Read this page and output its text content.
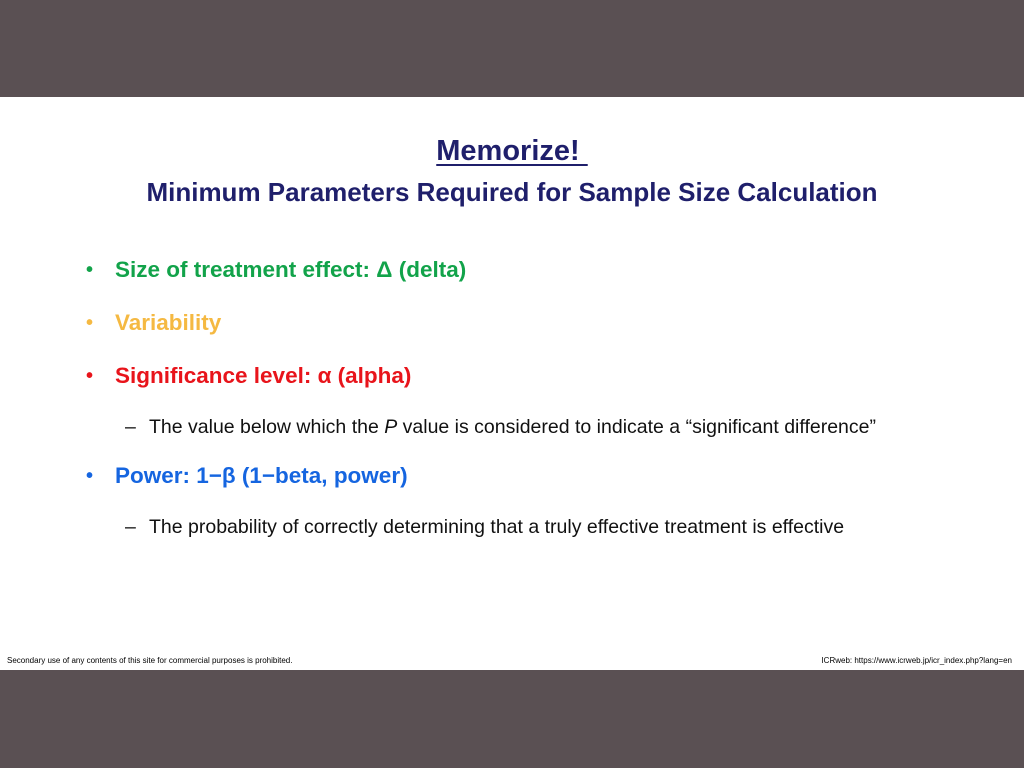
Memorize!
Minimum Parameters Required for Sample Size Calculation
• Size of treatment effect: Δ (delta)
• Variability
• Significance level: α (alpha)
– The value below which the P value is considered to indicate a “significant difference”
• Power: 1−β (1−beta, power)
– The probability of correctly determining that a truly effective treatment is effective
Secondary use of any contents of this site for commercial purposes is prohibited.	ICRweb: https://www.icrweb.jp/icr_index.php?lang=en
